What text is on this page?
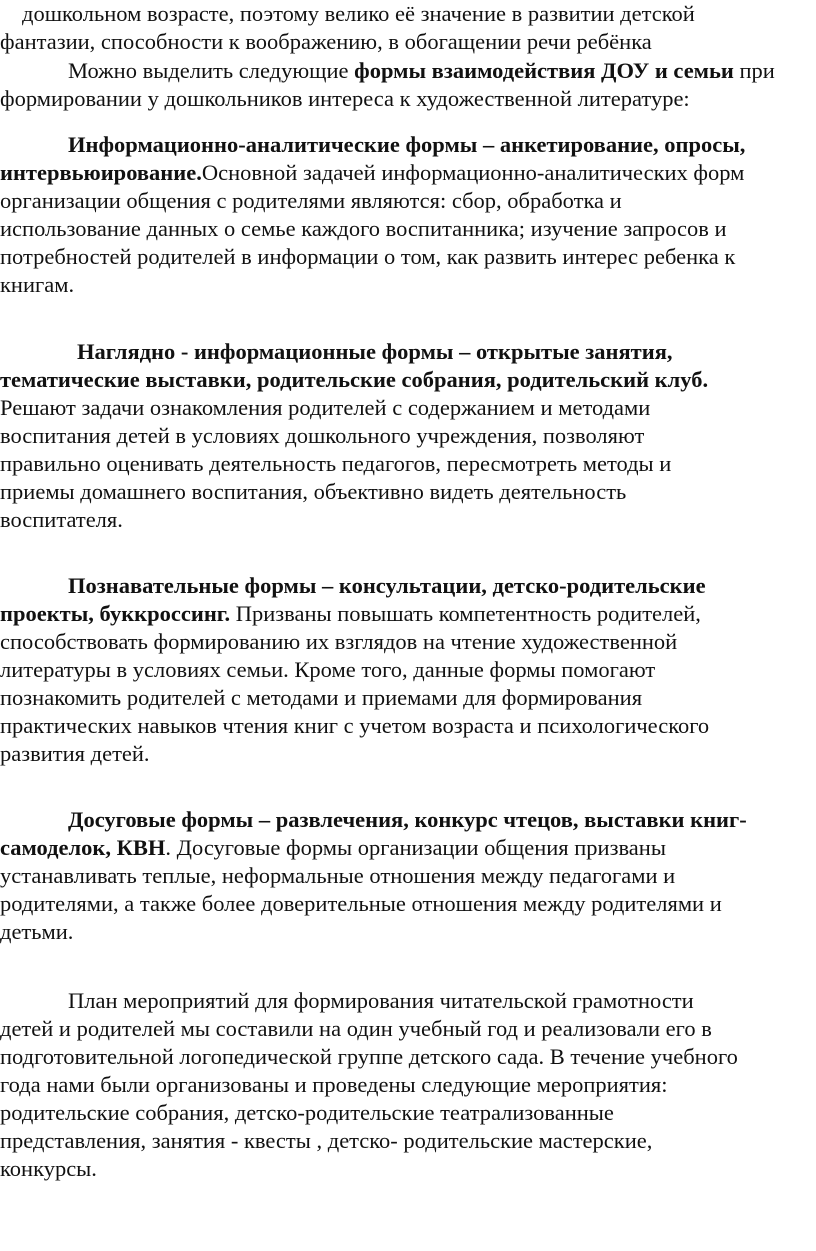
дошкольном возрасте, поэтому велико её значение в развитии детской
фантазии, способности к воображению, в обогащении речи ребёнка
Можно выделить следующие формы взаимодействия ДОУ и семьи при
формировании у дошкольников интереса к художественной литературе:
Информационно-аналитические формы – анкетирование, опросы,
интервьюирование.Основной задачей информационно-аналитических форм
организации общения с родителями являются: сбор, обработка и
использование данных о семье каждого воспитанника; изучение запросов и
потребностей родителей в информации о том, как развить интерес ребенка к
книгам.
Наглядно - информационные формы – открытые занятия,
тематические выставки, родительские собрания, родительский клуб.
Решают задачи ознакомления родителей с содержанием и методами
воспитания детей в условиях дошкольного учреждения, позволяют
правильно оценивать деятельность педагогов, пересмотреть методы и
приемы домашнего воспитания, объективно видеть деятельность
воспитателя.
Познавательные формы – консультации, детско-родительские
проекты, буккроссинг. Призваны повышать компетентность родителей,
способствовать формированию их взглядов на чтение художественной
литературы в условиях семьи. Кроме того, данные формы помогают
познакомить родителей с методами и приемами для формирования
практических навыков чтения книг с учетом возраста и психологического
развития детей.
Досуговые формы – развлечения, конкурс чтецов, выставки книг-
самоделок, КВН. Досуговые формы организации общения призваны
устанавливать теплые, неформальные отношения между педагогами и
родителями, а также более доверительные отношения между родителями и
детьми.
План мероприятий для формирования читательской грамотности
детей и родителей мы составили на один учебный год и реализовали его в
подготовительной логопедической группе детского сада. В течение учебного
года нами были организованы и проведены следующие мероприятия:
родительские собрания, детско-родительские театрализованные
представления, занятия - квесты , детско- родительские мастерские,
конкурсы.
